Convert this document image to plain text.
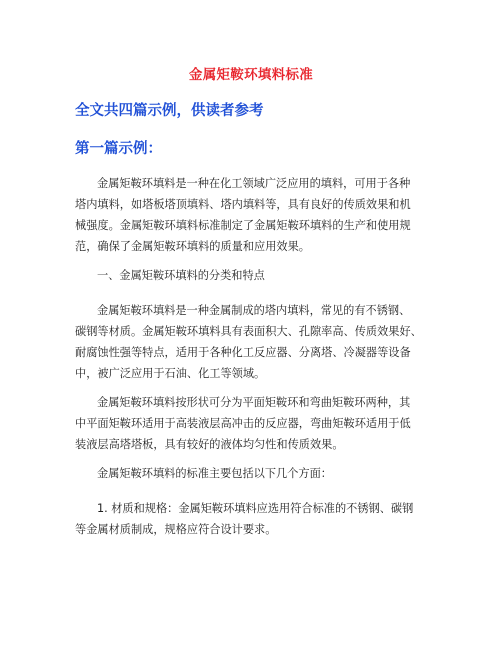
金属矩鞍环填料标准
全文共四篇示例，供读者参考
第一篇示例：

金属矩鞍环填料是一种在化工领域广泛应用的填料，可用于各种
塔内填料，如塔板塔顶填料、塔内填料等，具有良好的传质效果和机
械强度。金属矩鞍环填料标准制定了金属矩鞍环填料的生产和使用规
范，确保了金属矩鞍环填料的质量和应用效果。

一、金属矩鞍环填料的分类和特点

金属矩鞍环填料是一种金属制成的塔内填料，常见的有不锈钢、
碳钢等材质。金属矩鞍环填料具有表面积大、孔隙率高、传质效果好、
耐腐蚀性强等特点，适用于各种化工反应器、分离塔、冷凝器等设备
中，被广泛应用于石油、化工等领域。

金属矩鞍环填料按形状可分为平面矩鞍环和弯曲矩鞍环两种，其
中平面矩鞍环适用于高装液层高冲击的反应器，弯曲矩鞍环适用于低
装液层高塔塔板，具有较好的液体均匀性和传质效果。

金属矩鞍环填料的标准主要包括以下几个方面：

1. 材质和规格：金属矩鞍环填料应选用符合标准的不锈钢、碳钢
等金属材质制成，规格应符合设计要求。
